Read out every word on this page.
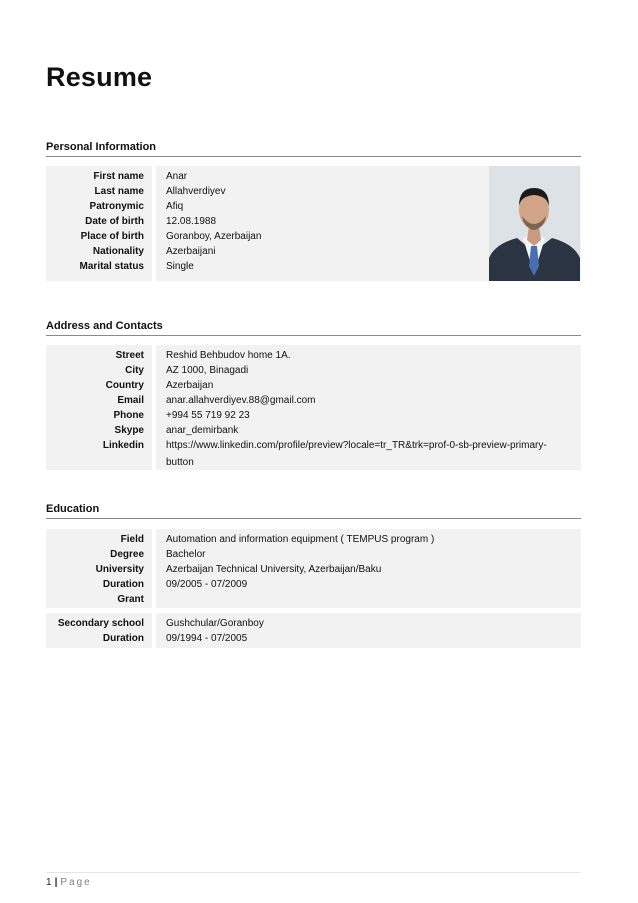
Resume
Personal Information
First name
Last name
Patronymic
Date of birth
Place of birth
Nationality
Marital status
Anar
Allahverdiyev
Afiq
12.08.1988
Goranboy, Azerbaijan
Azerbaijani
Single
Address and Contacts
Street
City
Country
Email
Phone
Skype
Linkedin
Reshid Behbudov home 1A.
AZ 1000, Binagadi
Azerbaijan
anar.allahverdiyev.88@gmail.com
+994 55 719 92 23
anar_demirbank
https://www.linkedin.com/profile/preview?locale=tr_TR&trk=prof-0-sb-preview-primary-button
Education
Field
Degree
University
Duration
Grant
Automation and information equipment ( TEMPUS program )
Bachelor
Azerbaijan Technical University, Azerbaijan/Baku
09/2005 - 07/2009
Secondary school
Duration
Gushchular/Goranboy
09/1994 - 07/2005
1 | Page
